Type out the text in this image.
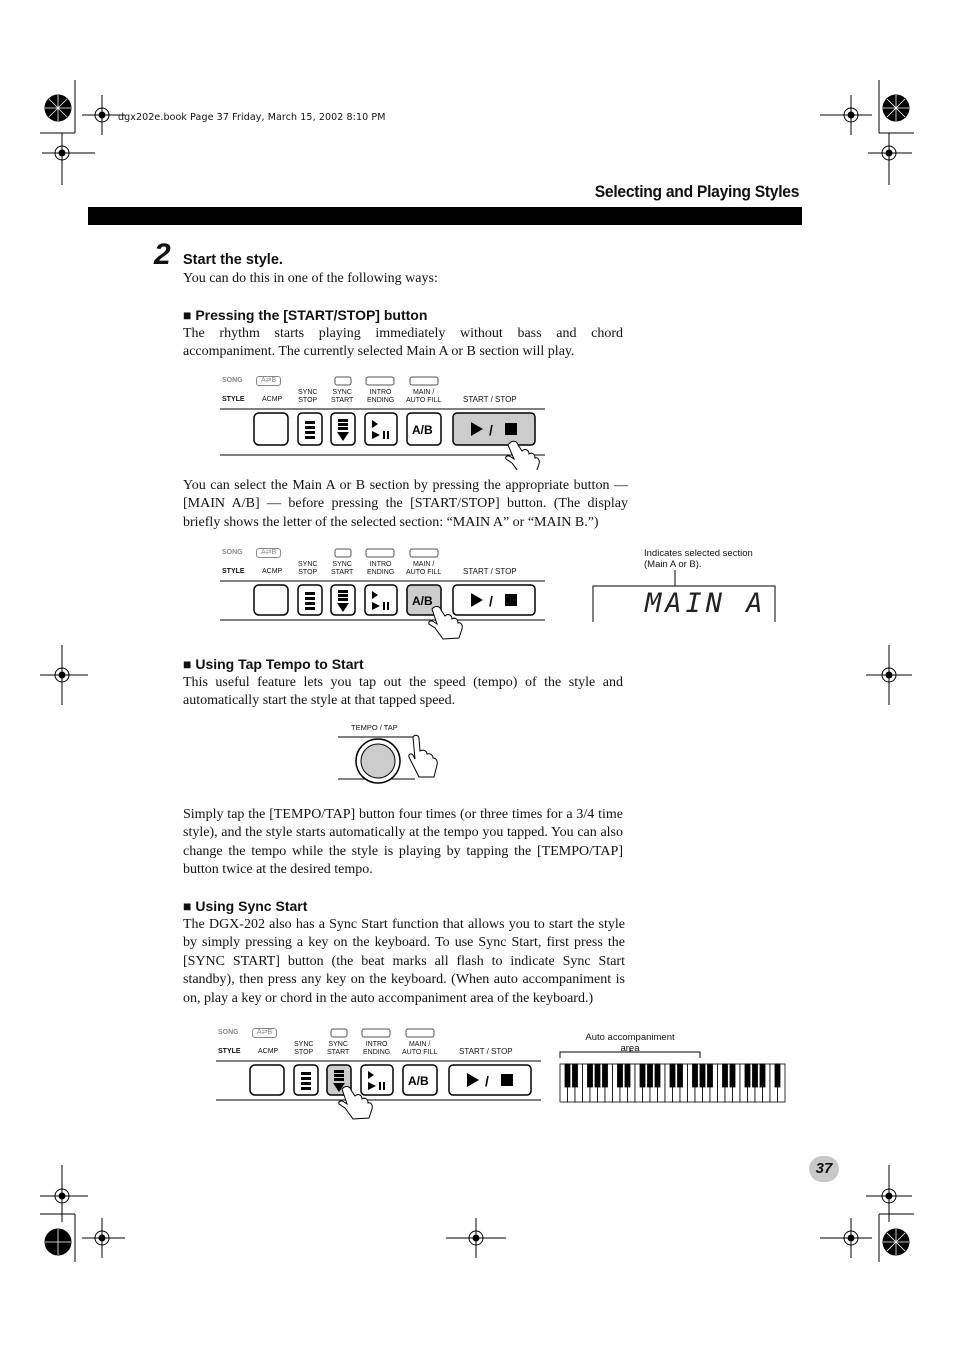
dgx202e.book Page 37 Friday, March 15, 2002 8:10 PM
Selecting and Playing Styles
2 Start the style.
You can do this in one of the following ways:
■ Pressing the [START/STOP] button
The rhythm starts playing immediately without bass and chord accompaniment. The currently selected Main A or B section will play.
SONG	A⇄B
STYLE ACMP
SYNC
STOP
SYNC
START
INTRO
ENDING
MAIN /
AUTO FILL	START / STOP
/
A/B
You can select the Main A or B section by pressing the appropriate button — [MAIN A/B] — before pressing the [START/STOP] button. (The display briefly shows the letter of the selected section: “MAIN A” or “MAIN B.”)
SONG	A⇄B
STYLE ACMP
SYNC
STOP
SYNC
START
INTRO
ENDING
MAIN /
AUTO FILL	START / STOP
/
A/B
Indicates selected section
(Main A or B).
MAIN A
■ Using Tap Tempo to Start
This useful feature lets you tap out the speed (tempo) of the style and automatically start the style at that tapped speed.
TEMPO / TAP
Simply tap the [TEMPO/TAP] button four times (or three times for a 3/4 time style), and the style starts automatically at the tempo you tapped. You can also change the tempo while the style is playing by tapping the [TEMPO/TAP] button twice at the desired tempo.
■ Using Sync Start
The DGX-202 also has a Sync Start function that allows you to start the style by simply pressing a key on the keyboard. To use Sync Start, first press the [SYNC START] button (the beat marks all flash to indicate Sync Start standby), then press any key on the keyboard. (When auto accompaniment is on, play a key or chord in the auto accompaniment area of the keyboard.)
SONG	A⇄B
STYLE ACMP
SYNC
STOP
SYNC
START
INTRO
ENDING
MAIN /
AUTO FILL	START / STOP
/
A/B
Auto accompaniment
area
37
